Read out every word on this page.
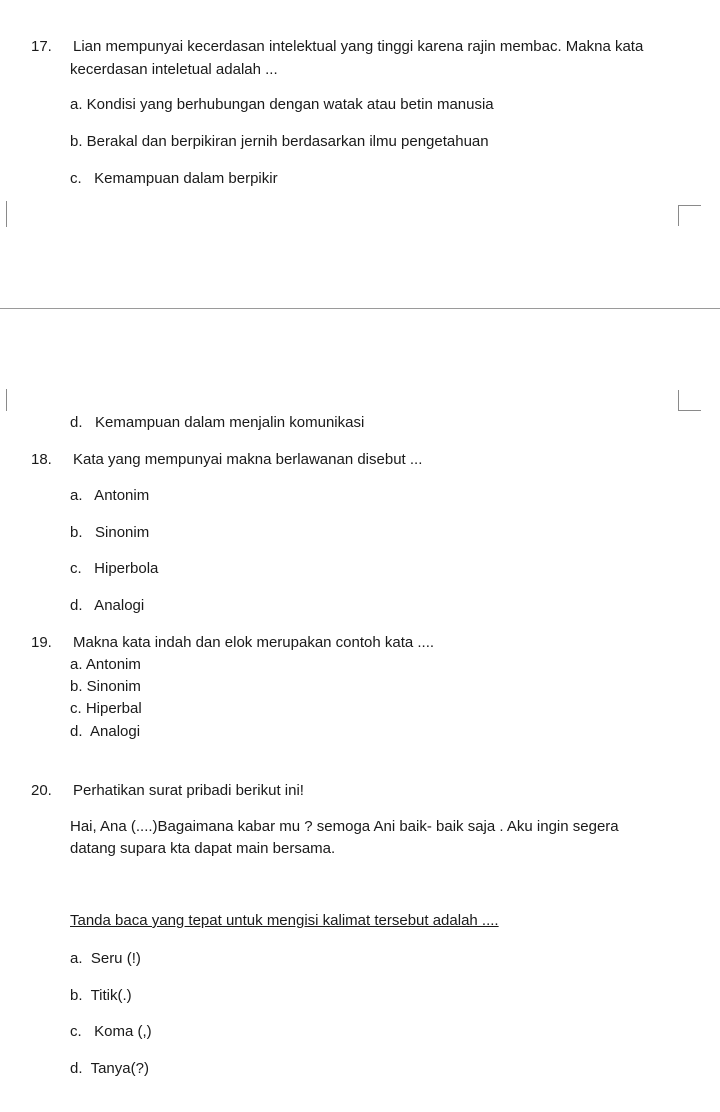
17. Lian mempunyai kecerdasan intelektual yang tinggi karena rajin membac. Makna kata
kecerdasan inteletual adalah ...
a. Kondisi yang berhubungan dengan watak atau betin manusia
b. Berakal dan berpikiran jernih berdasarkan ilmu pengetahuan
c.   Kemampuan dalam berpikir
d.   Kemampuan dalam menjalin komunikasi
18. Kata yang mempunyai makna berlawanan disebut ...
a.   Antonim
b.   Sinonim
c.   Hiperbola
d.   Analogi
19. Makna kata indah dan elok merupakan contoh kata ....
a. Antonim
b. Sinonim
c. Hiperbal
d.  Analogi
20. Perhatikan surat pribadi berikut ini!
Hai, Ana (....)Bagaimana kabar mu ? semoga Ani baik- baik saja . Aku ingin segera
datang supara kta dapat main bersama.
Tanda baca yang tepat untuk mengisi kalimat tersebut adalah ....
a.  Seru (!)
b.  Titik(.)
c.   Koma (,)
d.  Tanya(?)
